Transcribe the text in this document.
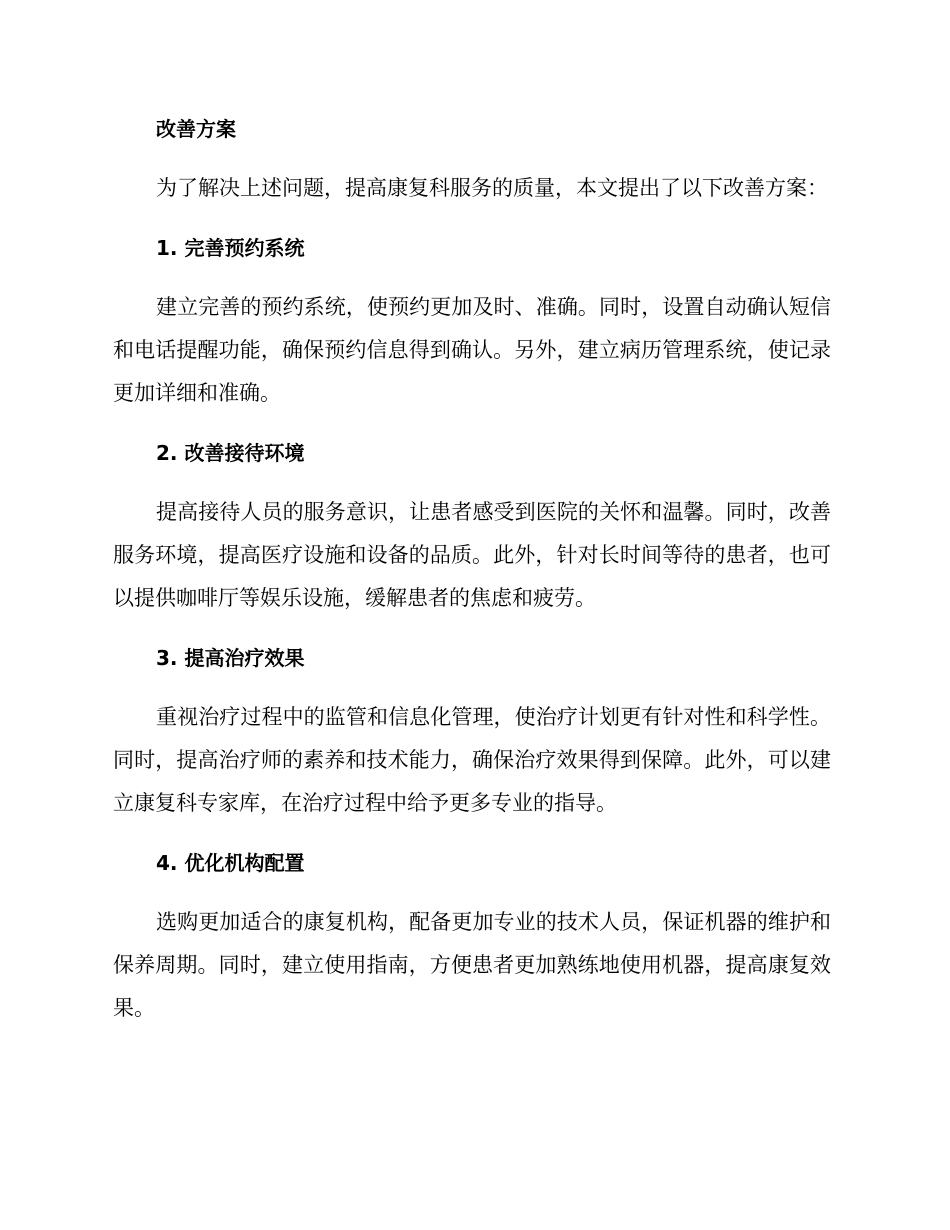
改善方案

为了解决上述问题，提高康复科服务的质量，本文提出了以下改善方案：

1. 完善预约系统

建立完善的预约系统，使预约更加及时、准确。同时，设置自动确认短信和电话提醒功能，确保预约信息得到确认。另外，建立病历管理系统，使记录更加详细和准确。

2. 改善接待环境

提高接待人员的服务意识，让患者感受到医院的关怀和温馨。同时，改善服务环境，提高医疗设施和设备的品质。此外，针对长时间等待的患者，也可以提供咖啡厅等娱乐设施，缓解患者的焦虑和疲劳。

3. 提高治疗效果

重视治疗过程中的监管和信息化管理，使治疗计划更有针对性和科学性。同时，提高治疗师的素养和技术能力，确保治疗效果得到保障。此外，可以建立康复科专家库，在治疗过程中给予更多专业的指导。

4. 优化机构配置

选购更加适合的康复机构，配备更加专业的技术人员，保证机器的维护和保养周期。同时，建立使用指南，方便患者更加熟练地使用机器，提高康复效果。
